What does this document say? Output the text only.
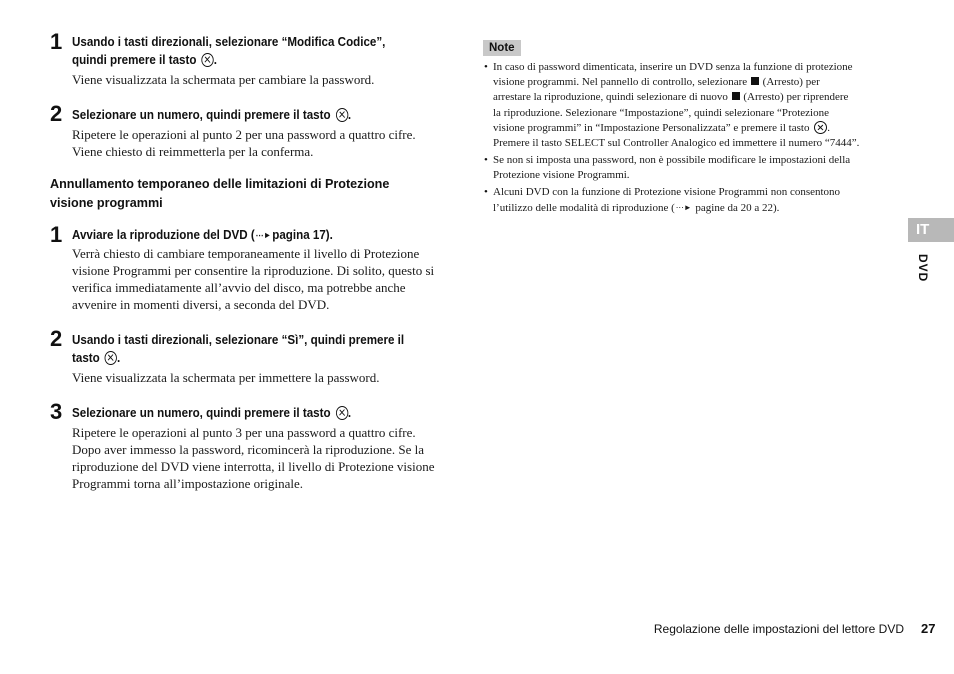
1 Usando i tasti direzionali, selezionare “Modifica Codice”,
quindi premere il tasto .
Viene visualizzata la schermata per cambiare la password.
2 Selezionare un numero, quindi premere il tasto .
Ripetere le operazioni al punto 2 per una password a quattro cifre.
Viene chiesto di reimmetterla per la conferma.
Annullamento temporaneo delle limitazioni di Protezione
visione programmi
1 Avviare la riproduzione del DVD (⋯►pagina 17).
Verrà chiesto di cambiare temporaneamente il livello di Protezione
visione Programmi per consentire la riproduzione. Di solito, questo si
verifica immediatamente all’avvio del disco, ma potrebbe anche
avvenire in momenti diversi, a seconda del DVD.
2 Usando i tasti direzionali, selezionare “Sì”, quindi premere il
tasto .
Viene visualizzata la schermata per immettere la password.
3 Selezionare un numero, quindi premere il tasto .
Ripetere le operazioni al punto 3 per una password a quattro cifre.
Dopo aver immesso la password, ricomincerà la riproduzione. Se la
riproduzione del DVD viene interrotta, il livello di Protezione visione
Programmi torna all’impostazione originale.
Note
• In caso di password dimenticata, inserire un DVD senza la funzione di protezione
visione programmi. Nel pannello di controllo, selezionare (Arresto) per
arrestare la riproduzione, quindi selezionare di nuovo (Arresto) per riprendere
la riproduzione. Selezionare “Impostazione”, quindi selezionare “Protezione
visione programmi” in “Impostazione Personalizzata” e premere il tasto .
Premere il tasto SELECT sul Controller Analogico ed immettere il numero “7444”.
• Se non si imposta una password, non è possibile modificare le impostazioni della
Protezione visione Programmi.
• Alcuni DVD con la funzione di Protezione visione Programmi non consentono
l’utilizzo delle modalità di riproduzione (⋯► pagine da 20 a 22).
IT
DVD
Regolazione delle impostazioni del lettore DVD 27
